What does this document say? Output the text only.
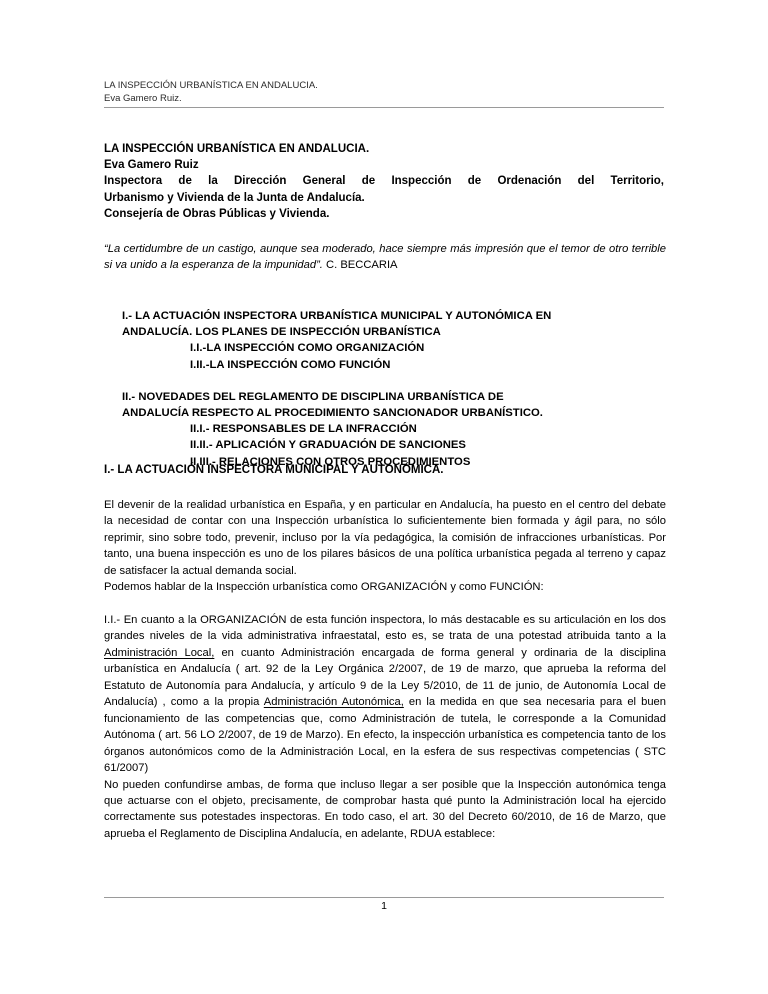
LA INSPECCIÓN URBANÍSTICA EN ANDALUCIA.
Eva Gamero Ruiz.
LA INSPECCIÓN URBANÍSTICA EN ANDALUCIA.
Eva Gamero Ruiz
Inspectora de la Dirección General de Inspección de Ordenación del Territorio,
Urbanismo y Vivienda de la Junta de Andalucía.
Consejería de Obras Públicas y Vivienda.
“La certidumbre de un castigo, aunque sea moderado, hace siempre más impresión que el temor de otro terrible si va unido a la esperanza de la impunidad”. C. BECCARIA

I.- LA ACTUACIÓN INSPECTORA URBANÍSTICA MUNICIPAL Y AUTONÓMICA EN

ANDALUCÍA. LOS PLANES DE INSPECCIÓN URBANÍSTICA

I.I.-LA INSPECCIÓN COMO ORGANIZACIÓN

I.II.-LA INSPECCIÓN COMO FUNCIÓN

II.- NOVEDADES DEL REGLAMENTO DE DISCIPLINA URBANÍSTICA DE

ANDALUCÍA RESPECTO AL PROCEDIMIENTO SANCIONADOR URBANÍSTICO.

II.I.- RESPONSABLES DE LA INFRACCIÓN

II.II.- APLICACIÓN Y GRADUACIÓN DE SANCIONES

II.III.- RELACIONES CON OTROS PROCEDIMIENTOS

I.- LA ACTUACIÓN INSPECTORA MUNICIPAL Y AUTONÓMICA.

El devenir de la realidad urbanística en España, y en particular en Andalucía, ha puesto en el centro del debate la necesidad de contar con una Inspección urbanística lo suficientemente bien formada y ágil para, no sólo reprimir, sino sobre todo, prevenir, incluso por la vía pedagógica, la comisión de infracciones urbanísticas. Por tanto, una buena inspección es uno de los pilares básicos de una política urbanística pegada al terreno y capaz de satisfacer la actual demanda social.

Podemos hablar de la Inspección urbanística como ORGANIZACIÓN y como FUNCIÓN:

I.I.- En cuanto a la ORGANIZACIÓN de esta función inspectora, lo más destacable es su articulación en los dos grandes niveles de la vida administrativa infraestatal, esto es, se trata de una potestad atribuida tanto a la Administración Local, en cuanto Administración encargada de forma general y ordinaria de la disciplina urbanística en Andalucía ( art. 92 de la Ley Orgánica 2/2007, de 19 de marzo, que aprueba la reforma del Estatuto de Autonomía para Andalucía, y artículo 9 de la Ley 5/2010, de 11 de junio, de Autonomía Local de Andalucía) , como a la propia Administración Autonómica, en la medida en que sea necesaria para el buen funcionamiento de las competencias que, como Administración de tutela, le corresponde a la Comunidad Autónoma ( art. 56 LO 2/2007, de 19 de Marzo). En efecto, la inspección urbanística es competencia tanto de los órganos autonómicos como de la Administración Local, en la esfera de sus respectivas competencias ( STC 61/2007)

No pueden confundirse ambas, de forma que incluso llegar a ser posible que la Inspección autonómica tenga que actuarse con el objeto, precisamente, de comprobar hasta qué punto la Administración local ha ejercido correctamente sus potestades inspectoras. En todo caso, el art. 30 del Decreto 60/2010, de 16 de Marzo, que aprueba el Reglamento de Disciplina Andalucía, en adelante, RDUA establece:

1
